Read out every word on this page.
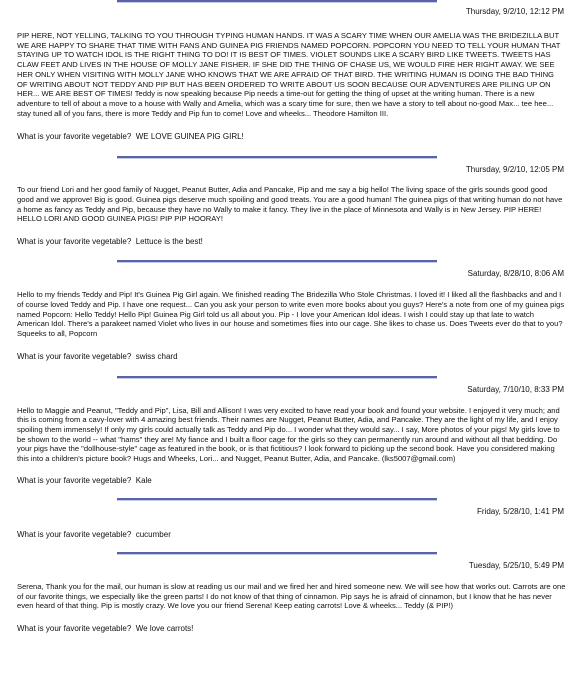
Thursday, 9/2/10, 12:12 PM

PIP HERE, NOT YELLING, TALKING TO YOU THROUGH TYPING HUMAN HANDS. IT WAS A SCARY TIME WHEN OUR AMELIA WAS THE BRIDEZILLA BUT WE ARE HAPPY TO SHARE THAT TIME WITH FANS AND GUINEA PIG FRIENDS NAMED POPCORN. POPCORN YOU NEED TO TELL YOUR HUMAN THAT STAYING UP TO WATCH IDOL IS THE RIGHT THING TO DO! IT IS BEST OF TIMES. VIOLET SOUNDS LIKE A SCARY BIRD LIKE TWEETS. TWEETS HAS CLAW FEET AND LIVES IN THE HOUSE OF MOLLY JANE FISHER. IF SHE DID THE THING OF CHASE US, WE WOULD FIRE HER RIGHT AWAY. WE SEE HER ONLY WHEN VISITING WITH MOLLY JANE WHO KNOWS THAT WE ARE AFRAID OF THAT BIRD. THE WRITING HUMAN IS DOING THE BAD THING OF WRITING ABOUT NOT TEDDY AND PIP BUT HAS BEEN ORDERED TO WRITE ABOUT US SOON BECAUSE OUR ADVENTURES ARE PILING UP ON HER... WE ARE BEST OF TIMES! Teddy is now speaking because Pip needs a time-out for getting the thing of upset at the writing human. There is a new adventure to tell of about a move to a house with Wally and Amelia, which was a scary time for sure, then we have a story to tell about no-good Max... tee hee... stay tuned all of you fans, there is more Teddy and Pip fun to come! Love and wheeks... Theodore Hamilton III.

What is your favorite vegetable? WE LOVE GUINEA PIG GIRL!

Thursday, 9/2/10, 12:05 PM

To our friend Lori and her good family of Nugget, Peanut Butter, Adia and Pancake, Pip and me say a big hello! The living space of the girls sounds good good good and we approve! Big is good. Guinea pigs deserve much spoiling and good treats. You are a good human! The guinea pigs of that writing human do not have a home as fancy as Teddy and Pip, because they have no Wally to make it fancy. They live in the place of Minnesota and Wally is in New Jersey. PIP HERE! HELLO LORI AND GOOD GUINEA PIGS! PIP PIP HOORAY!

What is your favorite vegetable? Lettuce is the best!

Saturday, 8/28/10, 8:06 AM

Hello to my friends Teddy and Pip! It's Guinea Pig Girl again. We finished reading The Bridezilla Who Stole Christmas. I loved it! I liked all the flashbacks and and I of course loved Teddy and Pip. I have one request... Can you ask your person to write even more books about you guys? Here's a note from one of my guinea pigs named Popcorn: Hello Teddy! Hello Pip! Guinea Pig Girl told us all about you. Pip - I love your American Idol ideas. I wish I could stay up that late to watch American Idol. There's a parakeet named Violet who lives in our house and sometimes flies into our cage. She likes to chase us. Does Tweets ever do that to you? Squeeks to all, Popcorn

What is your favorite vegetable? swiss chard

Saturday, 7/10/10, 8:33 PM

Hello to Maggie and Peanut, "Teddy and Pip", Lisa, Bill and Allison! I was very excited to have read your book and found your website. I enjoyed it very much; and this is coming from a cavy-lover with 4 amazing best friends. Their names are Nugget, Peanut Butter, Adia, and Pancake. They are the light of my life, and I enjoy spoiling them immensely! If only my girls could actually talk as Teddy and Pip do... I wonder what they would say... I say, More photos of your pigs! My girls love to be shown to the world -- what "hams" they are! My fiance and I built a floor cage for the girls so they can permanently run around and without all that bedding. Do your pigs have the "dollhouse-style" cage as featured in the book, or is that fictitious? I look forward to picking up the second book. Have you considered making this into a children's picture book? Hugs and Wheeks, Lori... and Nugget, Peanut Butter, Adia, and Pancake. (lks5007@gmail.com)

What is your favorite vegetable? Kale

Friday, 5/28/10, 1:41 PM

What is your favorite vegetable? cucumber

Tuesday, 5/25/10, 5:49 PM

Serena, Thank you for the mail, our human is slow at reading us our mail and we fired her and hired someone new. We will see how that works out. Carrots are one of our favorite things, we especially like the green parts! I do not know of that thing of cinnamon. Pip says he is afraid of cinnamon, but I know that he has never even heard of that thing. Pip is mostly crazy. We love you our friend Serena! Keep eating carrots! Love & wheeks... Teddy (& PIP!)

What is your favorite vegetable? We love carrots!
